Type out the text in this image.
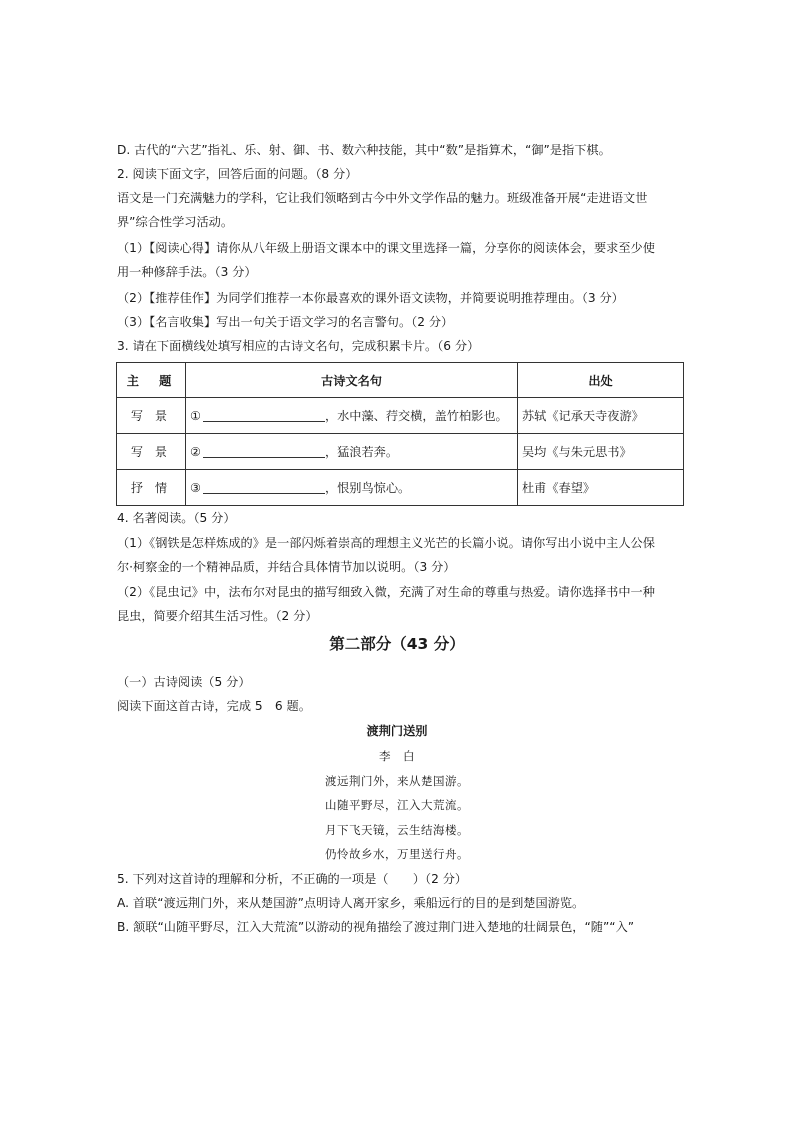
D. 古代的“六艺”指礼、乐、射、御、书、数六种技能，其中“数”是指算术，“御”是指下棋。
2. 阅读下面文字，回答后面的问题。（8 分）
语文是一门充满魅力的学科，它让我们领略到古今中外文学作品的魅力。班级准备开展“走进语文世
界”综合性学习活动。
（1）【阅读心得】请你从八年级上册语文课本中的课文里选择一篇，分享你的阅读体会，要求至少使
用一种修辞手法。（3 分）
（2）【推荐佳作】为同学们推荐一本你最喜欢的课外语文读物，并简要说明推荐理由。（3 分）
（3）【名言收集】写出一句关于语文学习的名言警句。（2 分）
3. 请在下面横线处填写相应的古诗文名句，完成积累卡片。（6 分）
主　题	古诗文名句	出处
写 景	① ，水中藻、荇交横，盖竹柏影也。	苏轼《记承天寺夜游》
写 景	② ，猛浪若奔。	吴均《与朱元思书》
抒 情	③ ，恨别鸟惊心。	杜甫《春望》
4. 名著阅读。（5 分）
（1）《钢铁是怎样炼成的》是一部闪烁着崇高的理想主义光芒的长篇小说。请你写出小说中主人公保
尔·柯察金的一个精神品质，并结合具体情节加以说明。（3 分）
（2）《昆虫记》中，法布尔对昆虫的描写细致入微，充满了对生命的尊重与热爱。请你选择书中一种
昆虫，简要介绍其生活习性。（2 分）
第二部分（43 分）
（一）古诗阅读（5 分）
阅读下面这首古诗，完成 5　6 题。
渡荆门送别
李　白
渡远荆门外，来从楚国游。
山随平野尽，江入大荒流。
月下飞天镜，云生结海楼。
仍怜故乡水，万里送行舟。
5. 下列对这首诗的理解和分析，不正确的一项是（　　）（2 分）
A. 首联“渡远荆门外，来从楚国游”点明诗人离开家乡，乘船远行的目的是到楚国游览。
B. 颔联“山随平野尽，江入大荒流”以游动的视角描绘了渡过荆门进入楚地的壮阔景色，“随”“入”
